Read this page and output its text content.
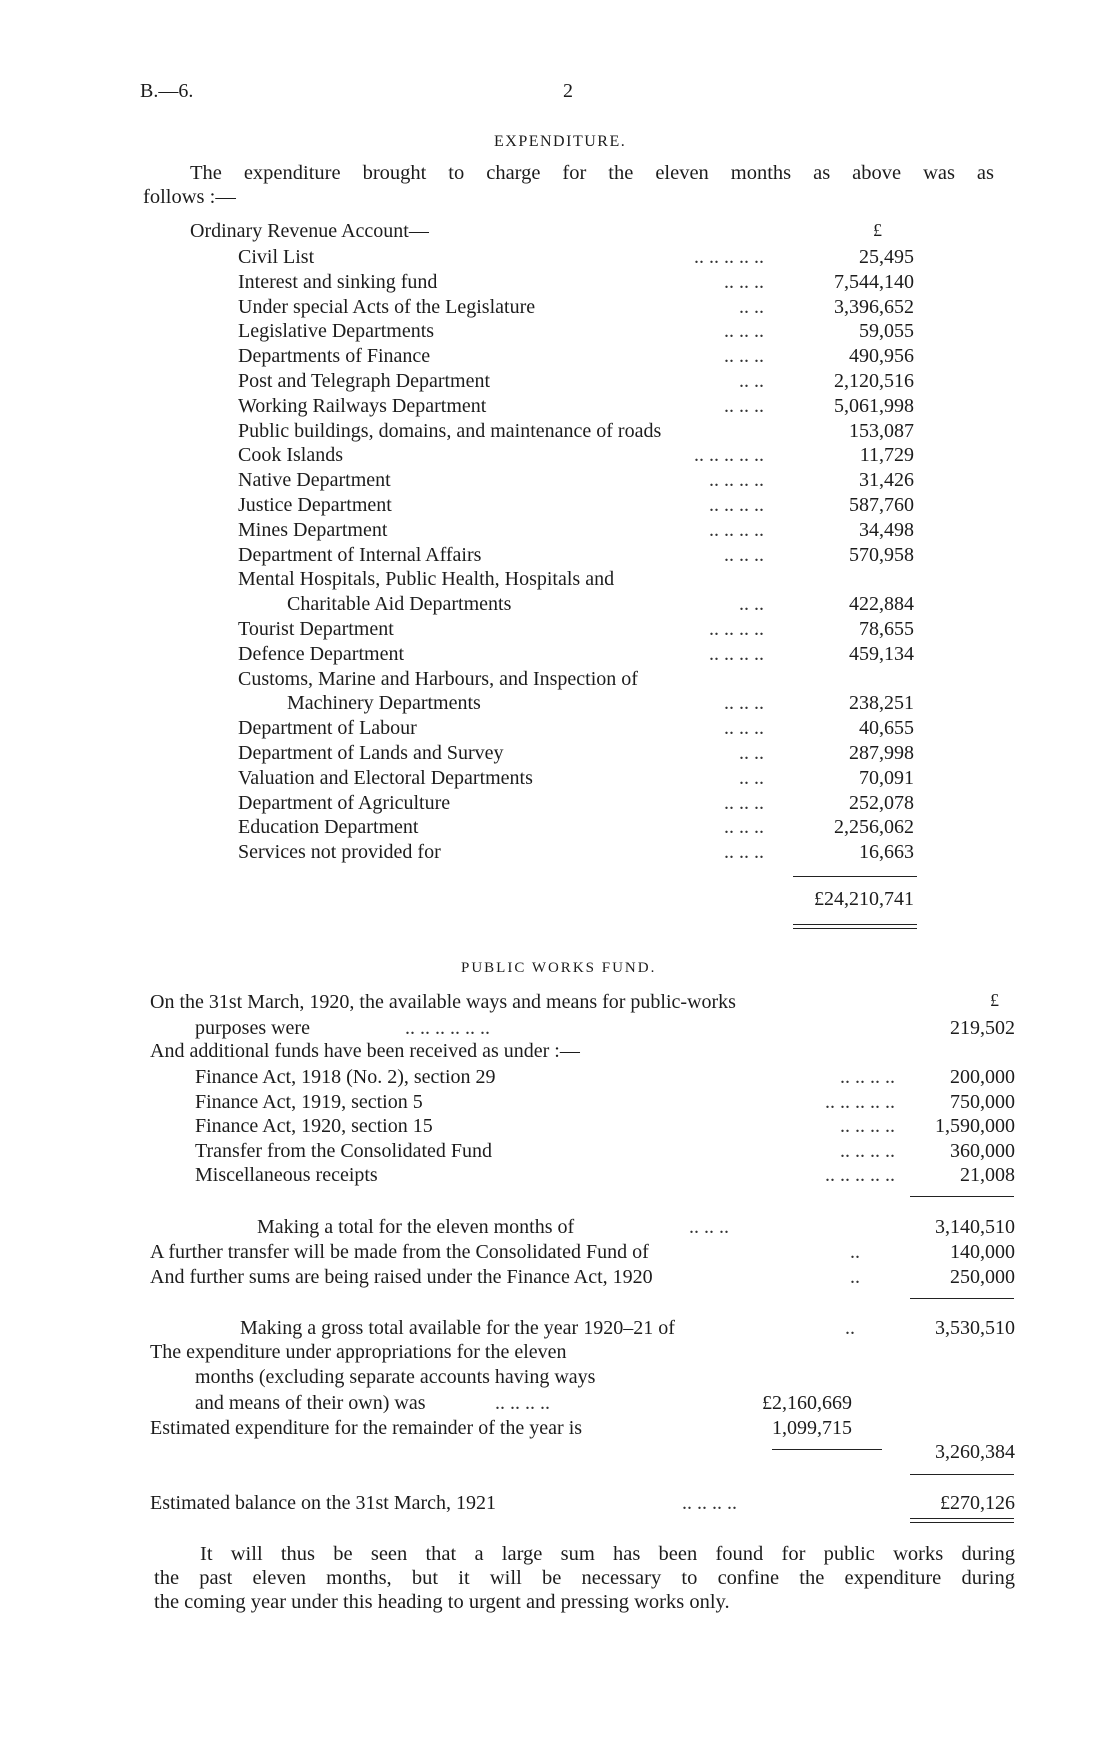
B.—6.	2
EXPENDITURE.
The expenditure brought to charge for the eleven months as above was as
follows :—
Ordinary Revenue Account—	£
Civil List	.. .. .. .. ..	25,495
Interest and sinking fund	.. .. ..	7,544,140
Under special Acts of the Legislature	.. ..	3,396,652
Legislative Departments	.. .. ..	59,055
Departments of Finance	.. .. ..	490,956
Post and Telegraph Department	.. ..	2,120,516
Working Railways Department	.. .. ..	5,061,998
Public buildings, domains, and maintenance of roads	153,087
Cook Islands	.. .. .. .. ..	11,729
Native Department	.. .. .. ..	31,426
Justice Department	.. .. .. ..	587,760
Mines Department	.. .. .. ..	34,498
Department of Internal Affairs	.. .. ..	570,958
Mental Hospitals, Public Health, Hospitals and
Charitable Aid Departments	.. ..	422,884
Tourist Department	.. .. .. ..	78,655
Defence Department	.. .. .. ..	459,134
Customs, Marine and Harbours, and Inspection of
Machinery Departments	.. .. ..	238,251
Department of Labour	.. .. ..	40,655
Department of Lands and Survey	.. ..	287,998
Valuation and Electoral Departments	.. ..	70,091
Department of Agriculture	.. .. ..	252,078
Education Department	.. .. ..	2,256,062
Services not provided for	.. .. ..	16,663
£24,210,741
PUBLIC WORKS FUND.
£
On the 31st March, 1920, the available ways and means for public-works
purposes were	.. .. .. .. .. ..	219,502
And additional funds have been received as under :—
Finance Act, 1918 (No. 2), section 29	.. .. .. ..	200,000
Finance Act, 1919, section 5	.. .. .. .. ..	750,000
Finance Act, 1920, section 15	.. .. .. .. 1,590,000
Transfer from the Consolidated Fund	.. .. .. ..	360,000
Miscellaneous receipts	.. .. .. .. ..	21,008
Making a total for the eleven months of	.. .. ..	3,140,510
A further transfer will be made from the Consolidated Fund of	..	140,000
And further sums are being raised under the Finance Act, 1920	..	250,000
Making a gross total available for the year 1920–21 of	..	3,530,510
The expenditure under appropriations for the eleven
months (excluding separate accounts having ways
and means of their own) was	.. .. .. ..	£2,160,669
Estimated expenditure for the remainder of the year is	1,099,715
3,260,384
Estimated balance on the 31st March, 1921	.. .. .. ..	£270,126
It will thus be seen that a large sum has been found for public works during
the past eleven months, but it will be necessary to confine the expenditure during
the coming year under this heading to urgent and pressing works only.
